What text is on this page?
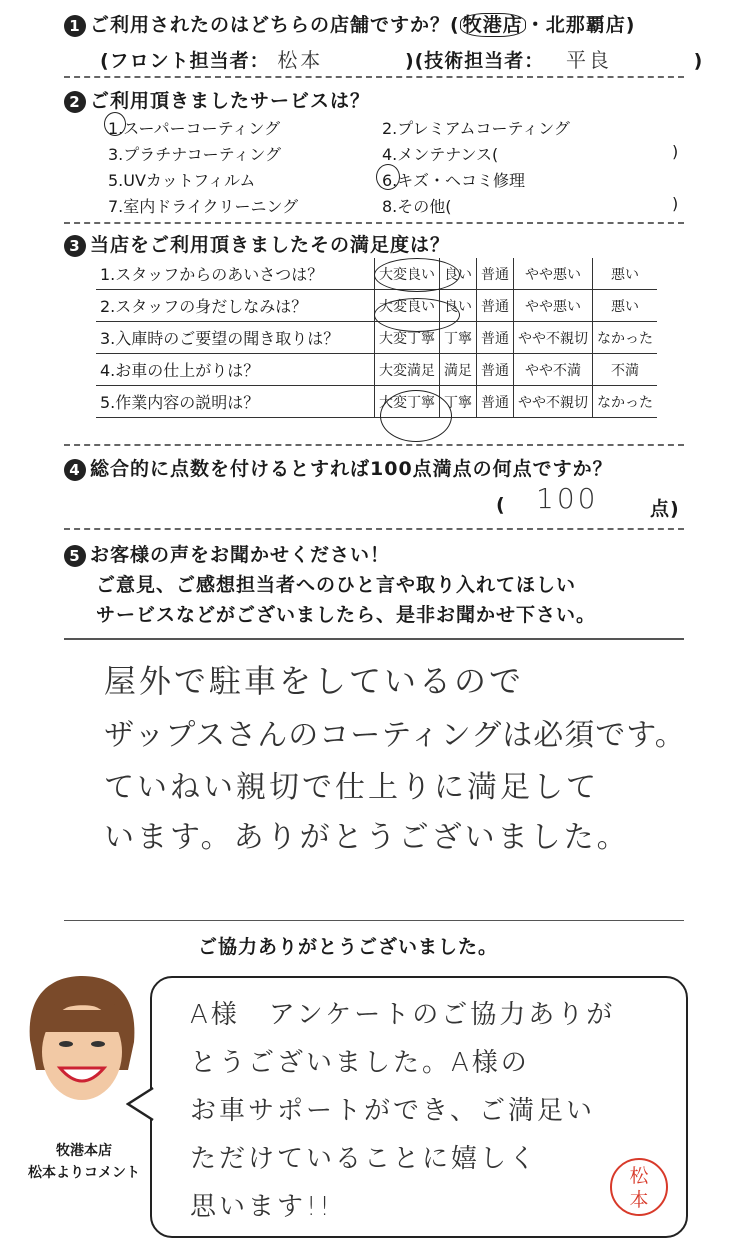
1 ご利用されたのはどちらの店舗ですか？( 牧港店 ・北那覇店)
(フロント担当者： 松本	)(技術担当者： 平良	)
2 ご利用頂きましたサービスは？
1.スーパーコーティング	2.プレミアムコーティング
3.プラチナコーティング	4.メンテナンス(	)
5.UVカットフィルム	6.キズ・ヘコミ修理
7.室内ドライクリーニング	8.その他(	)
3 当店をご利用頂きましたその満足度は？
1.スタッフからのあいさつは？	大変良い	良い	普通	やや悪い	悪い
2.スタッフの身だしなみは？	大変良い	良い	普通	やや悪い	悪い
3.入庫時のご要望の聞き取りは？	大変丁寧	丁寧	普通	やや不親切	なかった
4.お車の仕上がりは？	大変満足	満足	普通	やや不満	不満
5.作業内容の説明は？	大変丁寧	丁寧	普通	やや不親切	なかった
4 総合的に点数を付けるとすれば100点満点の何点ですか？
( 100	点)
5 お客様の声をお聞かせください！
ご意見、ご感想担当者へのひと言や取り入れてほしい
サービスなどがございましたら、是非お聞かせ下さい。
屋外で駐車をしているので
ザップスさんのコーティングは必須です。
ていねい親切で仕上りに満足して
います。ありがとうございました。
ご協力ありがとうございました。
牧港本店
松本よりコメント
A様　アンケートのご協力ありが
とうございました。A様の
お車サポートができ、ご満足い
ただけていることに嬉しく
思います!!
松本
